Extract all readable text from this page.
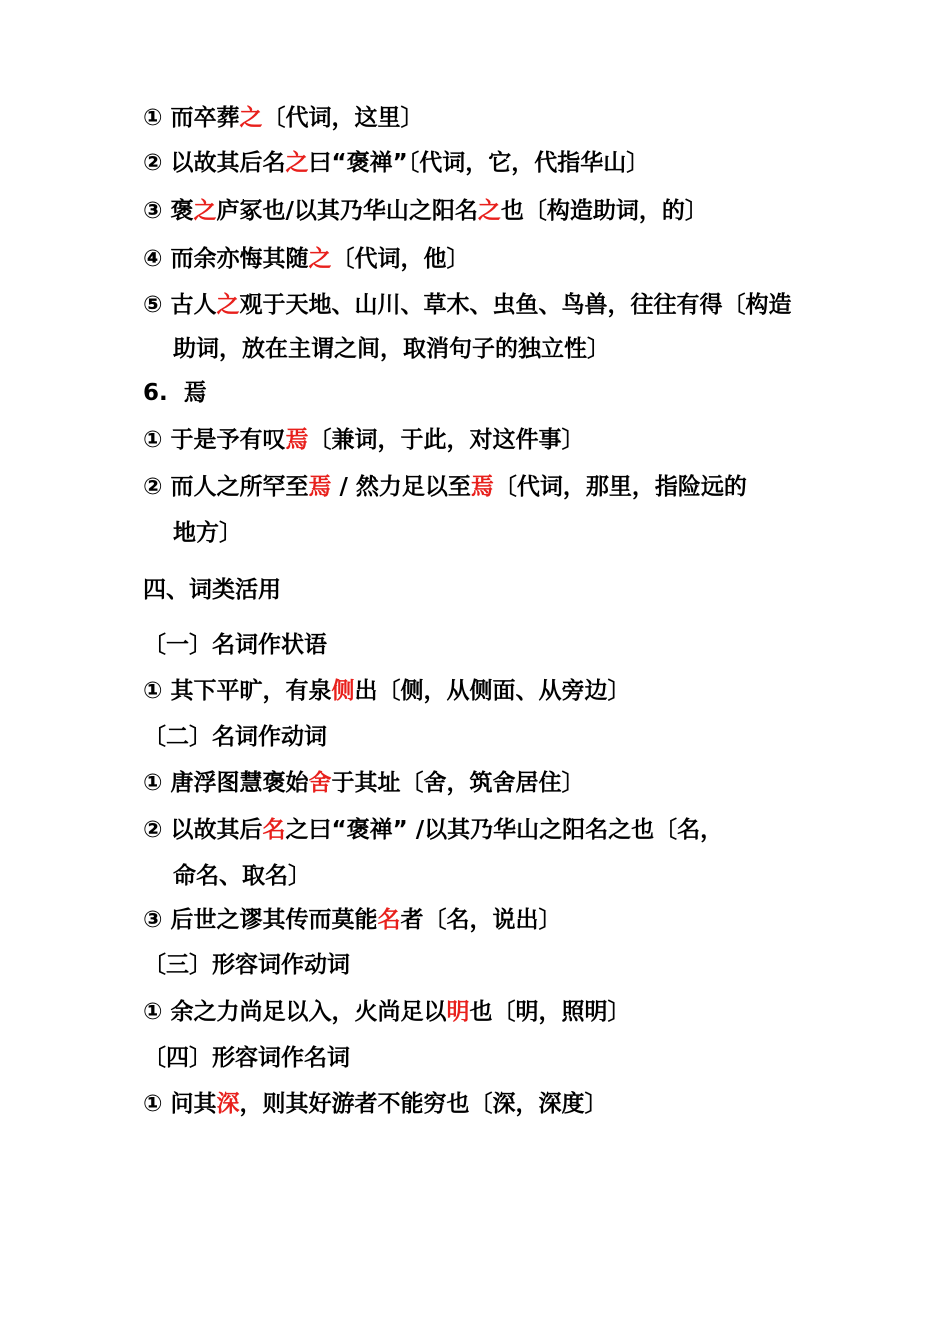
① 而卒葬之〔代词，这里〕
② 以故其后名之曰“褒禅”〔代词，它，代指华山〕
③ 褒之庐冢也/以其乃华山之阳名之也〔构造助词，的〕
④ 而余亦悔其随之〔代词，他〕
⑤ 古人之观于天地、山川、草木、虫鱼、鸟兽，往往有得〔构造
助词，放在主谓之间，取消句子的独立性〕
6.  焉
① 于是予有叹焉〔兼词，于此，对这件事〕
② 而人之所罕至焉 / 然力足以至焉〔代词，那里，指险远的
地方〕
四、词类活用
〔一〕名词作状语
① 其下平旷，有泉侧出〔侧，从侧面、从旁边〕
〔二〕名词作动词
① 唐浮图慧褒始舍于其址〔舍，筑舍居住〕
② 以故其后名之曰“褒禅” /以其乃华山之阳名之也〔名，
命名、取名〕
③ 后世之谬其传而莫能名者〔名，说出〕
〔三〕形容词作动词
① 余之力尚足以入，火尚足以明也〔明，照明〕
〔四〕形容词作名词
① 问其深，则其好游者不能穷也〔深，深度〕
